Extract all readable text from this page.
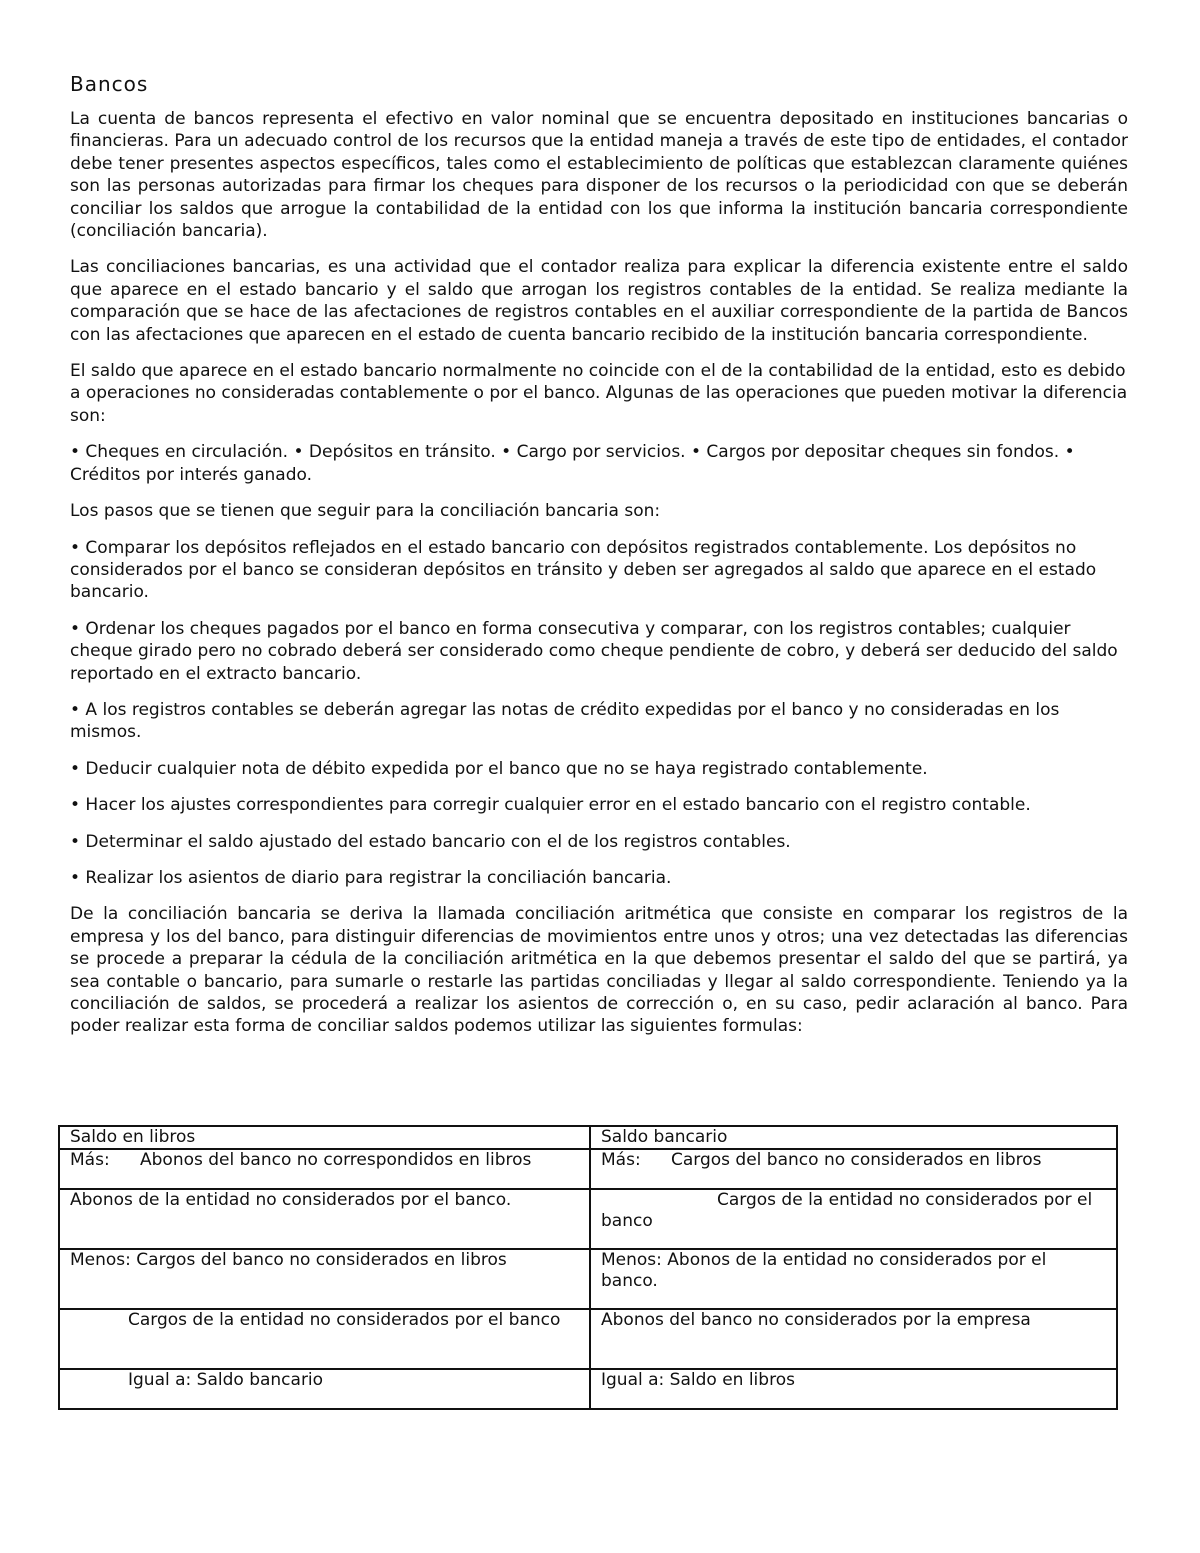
Bancos

La cuenta de bancos representa el efectivo en valor nominal que se encuentra depositado en instituciones bancarias o financieras. Para un adecuado control de los recursos que la entidad maneja a través de este tipo de entidades, el contador debe tener presentes aspectos específicos, tales como el establecimiento de políticas que establezcan claramente quiénes son las personas autorizadas para firmar los cheques para disponer de los recursos o la periodicidad con que se deberán conciliar los saldos que arrogue la contabilidad de la entidad con los que informa la institución bancaria correspondiente (conciliación bancaria).

Las conciliaciones bancarias, es una actividad que el contador realiza para explicar la diferencia existente entre el saldo que aparece en el estado bancario y el saldo que arrogan los registros contables de la entidad. Se realiza mediante la comparación que se hace de las afectaciones de registros contables en el auxiliar correspondiente de la partida de Bancos con las afectaciones que aparecen en el estado de cuenta bancario recibido de la institución bancaria correspondiente.

El saldo que aparece en el estado bancario normalmente no coincide con el de la contabilidad de la entidad, esto es debido a operaciones no consideradas contablemente o por el banco. Algunas de las operaciones que pueden motivar la diferencia son:

• Cheques en circulación. • Depósitos en tránsito. • Cargo por servicios. • Cargos por depositar cheques sin fondos. • Créditos por interés ganado.

Los pasos que se tienen que seguir para la conciliación bancaria son:

• Comparar los depósitos reflejados en el estado bancario con depósitos registrados contablemente. Los depósitos no considerados por el banco se consideran depósitos en tránsito y deben ser agregados al saldo que aparece en el estado bancario.

• Ordenar los cheques pagados por el banco en forma consecutiva y comparar, con los registros contables; cualquier cheque girado pero no cobrado deberá ser considerado como cheque pendiente de cobro, y deberá ser deducido del saldo reportado en el extracto bancario.

• A los registros contables se deberán agregar las notas de crédito expedidas por el banco y no consideradas en los mismos.

• Deducir cualquier nota de débito expedida por el banco que no se haya registrado contablemente.

• Hacer los ajustes correspondientes para corregir cualquier error en el estado bancario con el registro contable.

• Determinar el saldo ajustado del estado bancario con el de los registros contables.

• Realizar los asientos de diario para registrar la conciliación bancaria.

De la conciliación bancaria se deriva la llamada conciliación aritmética que consiste en comparar los registros de la empresa y los del banco, para distinguir diferencias de movimientos entre unos y otros; una vez detectadas las diferencias se procede a preparar la cédula de la conciliación aritmética en la que debemos presentar el saldo del que se partirá, ya sea contable o bancario, para sumarle o restarle las partidas conciliadas y llegar al saldo correspondiente. Teniendo ya la conciliación de saldos, se procederá a realizar los asientos de corrección o, en su caso, pedir aclaración al banco. Para poder realizar esta forma de conciliar saldos podemos utilizar las siguientes formulas:

Saldo en libros	Saldo bancario
Más: Abonos del banco no correspondidos en libros	Más: Cargos del banco no considerados en libros
Abonos de la entidad no considerados por el banco.	Cargos de la entidad no considerados por el banco
Menos: Cargos del banco no considerados en libros	Menos: Abonos de la entidad no considerados por el banco.
Cargos de la entidad no considerados por el banco	Abonos del banco no considerados por la empresa
Igual a: Saldo bancario	Igual a: Saldo en libros
